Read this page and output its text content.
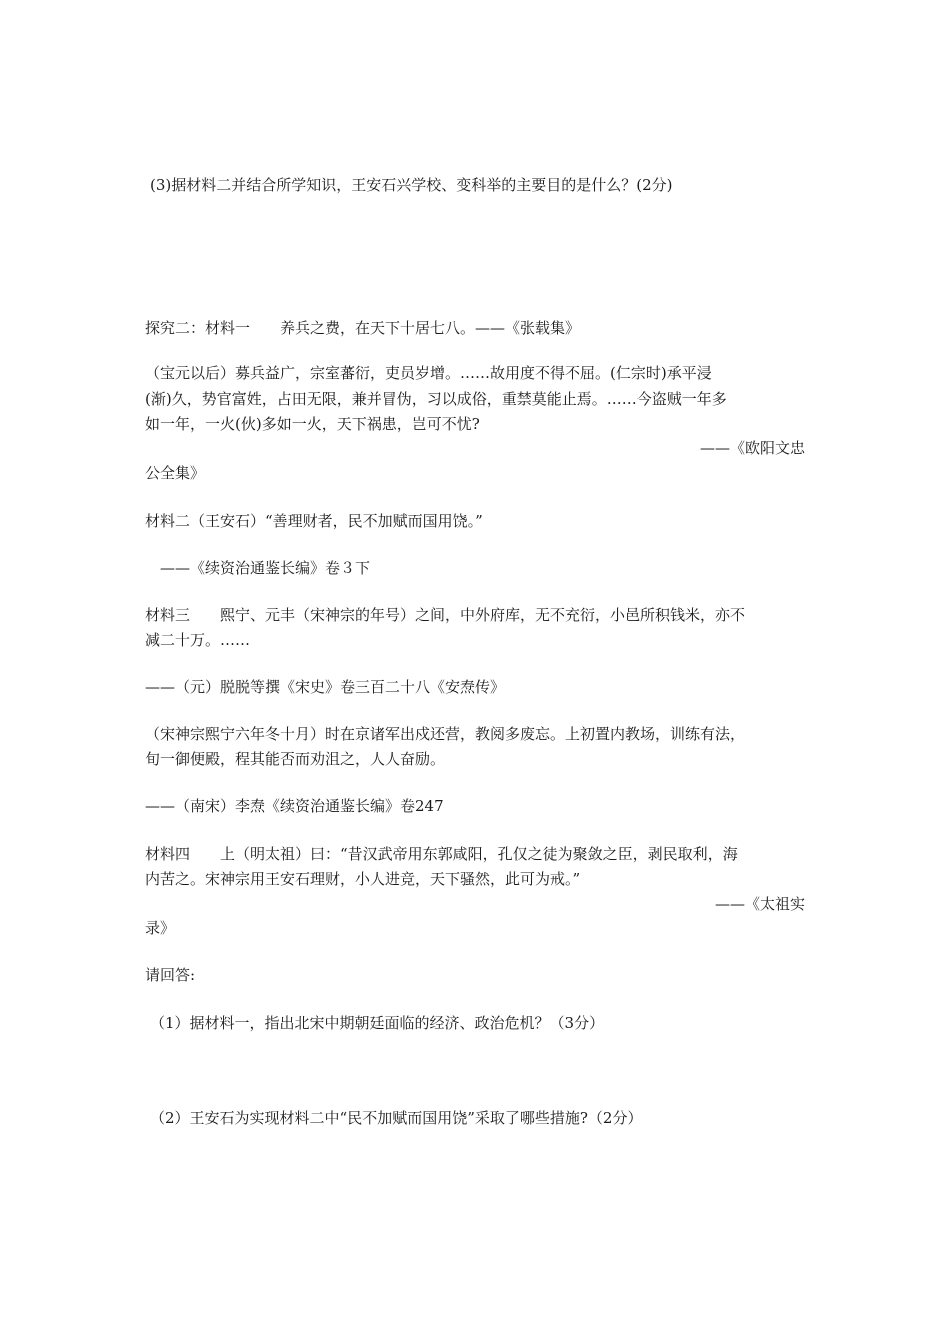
(3)据材料二并结合所学知识，王安石兴学校、变科举的主要目的是什么？(2分)
探究二：材料一 养兵之费，在天下十居七八。——《张载集》
（宝元以后）募兵益广，宗室蕃衍，吏员岁增。……故用度不得不屈。(仁宗时)承平浸
(渐)久，势官富姓，占田无限，兼并冒伪，习以成俗，重禁莫能止焉。……今盗贼一年多
如一年，一火(伙)多如一火，天下祸患，岂可不忧?
——《欧阳文忠
公全集》
材料二（王安石）“善理财者，民不加赋而国用饶。”
——《续资治通鉴长编》卷３下
材料三 熙宁、元丰（宋神宗的年号）之间，中外府库，无不充衍，小邑所积钱米，亦不
减二十万。……
——（元）脱脱等撰《宋史》卷三百二十八《安焘传》
（宋神宗熙宁六年冬十月）时在京诸军出戍还营，教阅多废忘。上初置内教场，训练有法，
旬一御便殿，程其能否而劝沮之，人人奋励。
——（南宋）李焘《续资治通鉴长编》卷247
材料四 上（明太祖）曰：“昔汉武帝用东郭咸阳，孔仅之徒为聚敛之臣，剥民取利，海
内苦之。宋神宗用王安石理财，小人进竞，天下骚然，此可为戒。”
——《太祖实
录》
请回答:
（1）据材料一，指出北宋中期朝廷面临的经济、政治危机？（3分）
（2）王安石为实现材料二中“民不加赋而国用饶”采取了哪些措施?（2分）
